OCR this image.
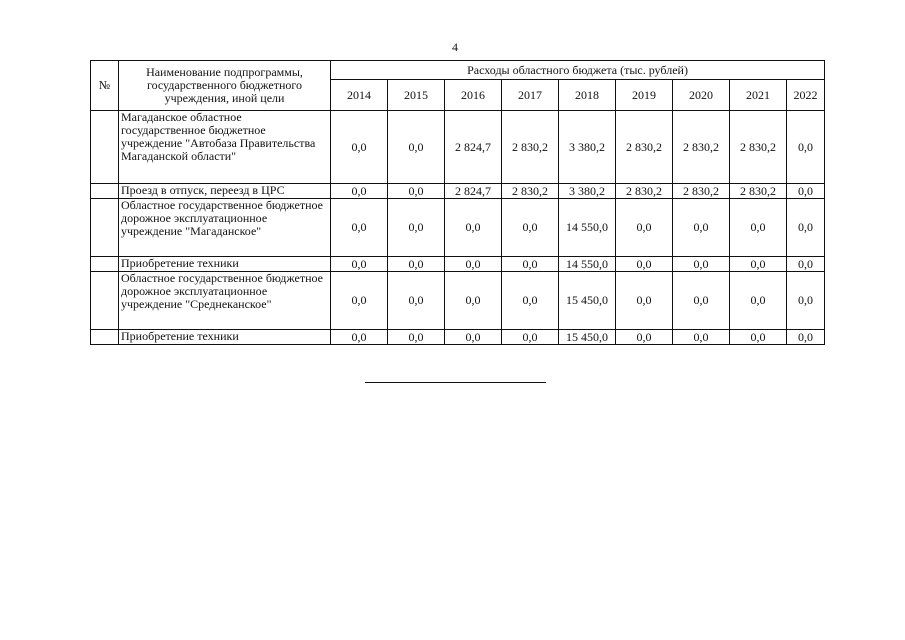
4
№	Наименование подпрограммы, государственного бюджетного учреждения, иной цели	Расходы областного бюджета (тыс. рублей)								
		2014	2015	2016	2017	2018	2019	2020	2021	2022
	Магаданское областное государственное бюджетное учреждение "Автобаза Правительства Магаданской области"	0,0	0,0	2 824,7	2 830,2	3 380,2	2 830,2	2 830,2	2 830,2	0,0
	Проезд в отпуск, переезд в ЦРС	0,0	0,0	2 824,7	2 830,2	3 380,2	2 830,2	2 830,2	2 830,2	0,0
	Областное государственное бюджетное дорожное эксплуатационное учреждение "Магаданское"	0,0	0,0	0,0	0,0	14 550,0	0,0	0,0	0,0	0,0
	Приобретение техники	0,0	0,0	0,0	0,0	14 550,0	0,0	0,0	0,0	0,0
	Областное государственное бюджетное дорожное эксплуатационное учреждение "Среднеканское"	0,0	0,0	0,0	0,0	15 450,0	0,0	0,0	0,0	0,0
	Приобретение техники	0,0	0,0	0,0	0,0	15 450,0	0,0	0,0	0,0	0,0
